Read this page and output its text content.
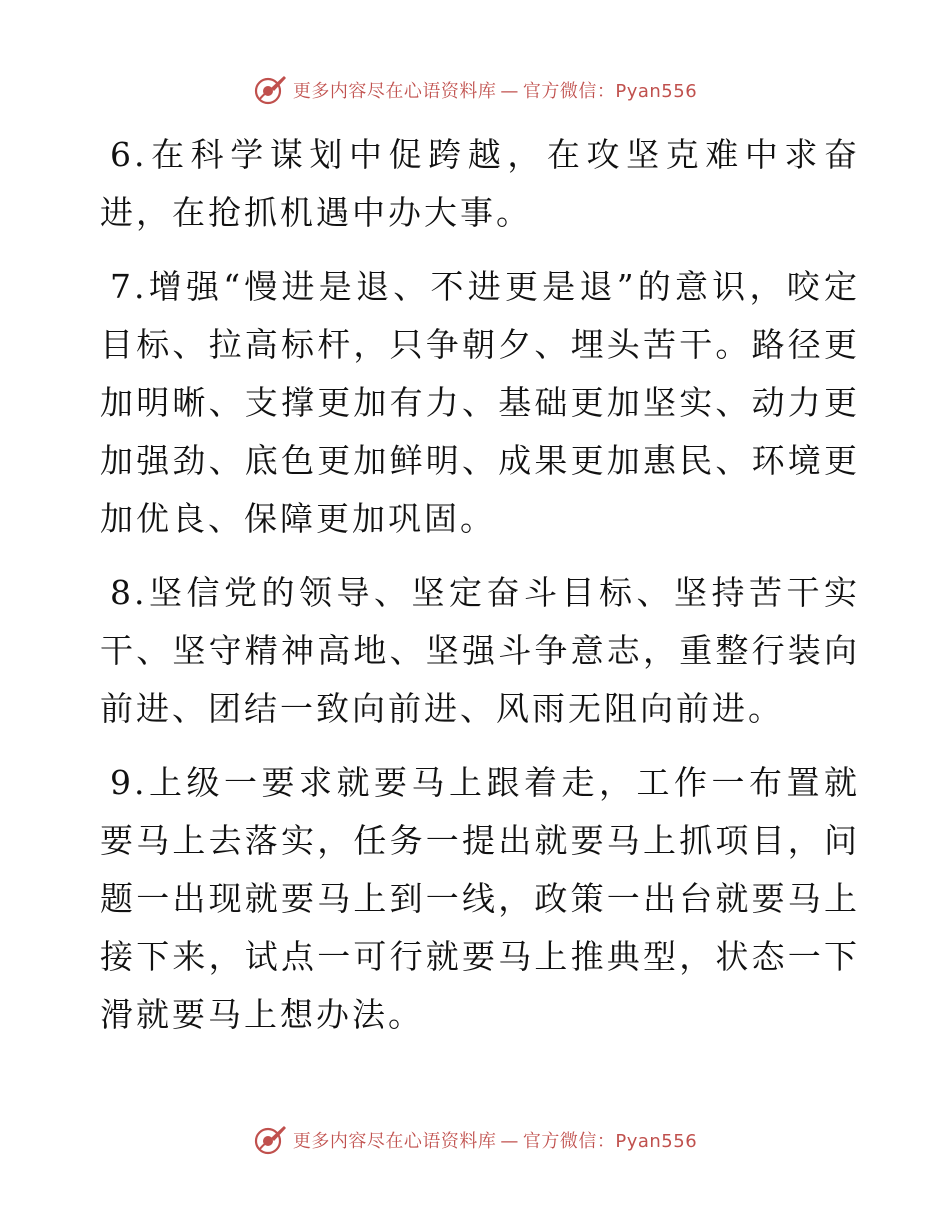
更多内容尽在心语资料库 — 官方微信：Pyan556

6.在科学谋划中促跨越，在攻坚克难中求奋进，在抢抓机遇中办大事。

7.增强“慢进是退、不进更是退”的意识，咬定目标、拉高标杆，只争朝夕、埋头苦干。路径更加明晰、支撑更加有力、基础更加坚实、动力更加强劲、底色更加鲜明、成果更加惠民、环境更加优良、保障更加巩固。

8.坚信党的领导、坚定奋斗目标、坚持苦干实干、坚守精神高地、坚强斗争意志，重整行装向前进、团结一致向前进、风雨无阻向前进。

9.上级一要求就要马上跟着走，工作一布置就要马上去落实，任务一提出就要马上抓项目，问题一出现就要马上到一线，政策一出台就要马上接下来，试点一可行就要马上推典型，状态一下滑就要马上想办法。

更多内容尽在心语资料库 — 官方微信：Pyan556
